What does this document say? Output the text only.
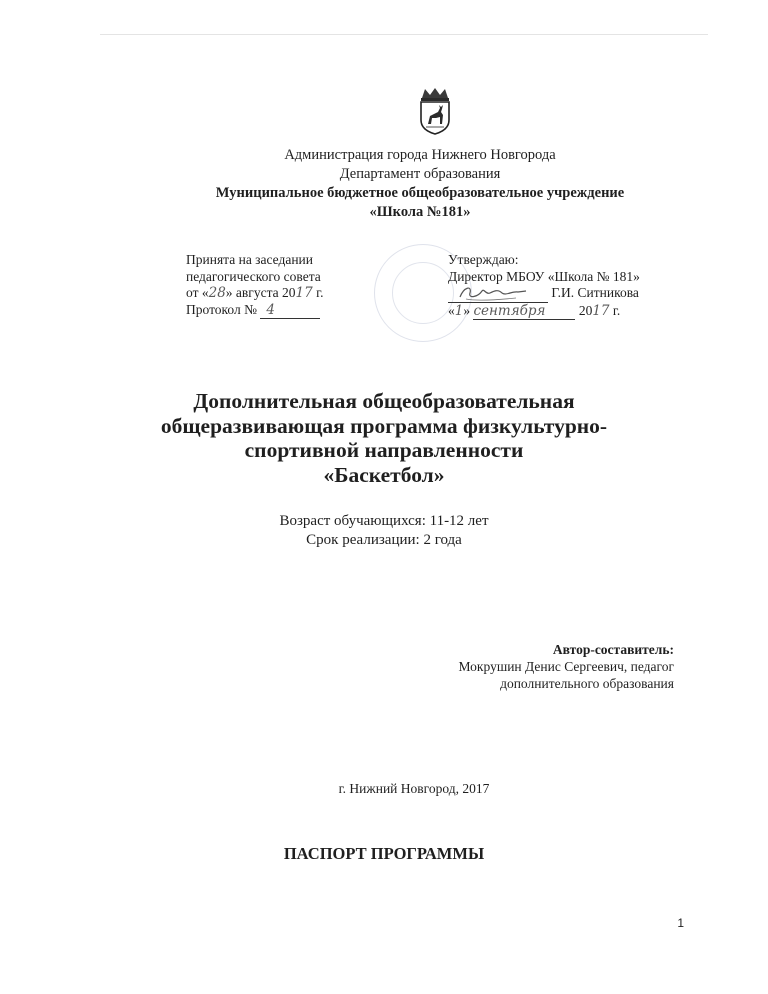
Администрация города Нижнего Новгорода
Департамент образования
Муниципальное бюджетное общеобразовательное учреждение
«Школа №181»
Принята на заседании
педагогического совета
от «28» августа 2017 г.
Протокол № 4
Утверждаю:
Директор МБОУ «Школа № 181»
Г.И. Ситникова
«1» сентября 2017 г.
Дополнительная общеобразовательная
общеразвивающая программа физкультурно-
спортивной направленности
«Баскетбол»
Возраст обучающихся: 11-12 лет
Срок реализации: 2 года
Автор-составитель:
Мокрушин Денис Сергеевич, педагог
дополнительного образования
г. Нижний Новгород, 2017
ПАСПОРТ ПРОГРАММЫ
1
